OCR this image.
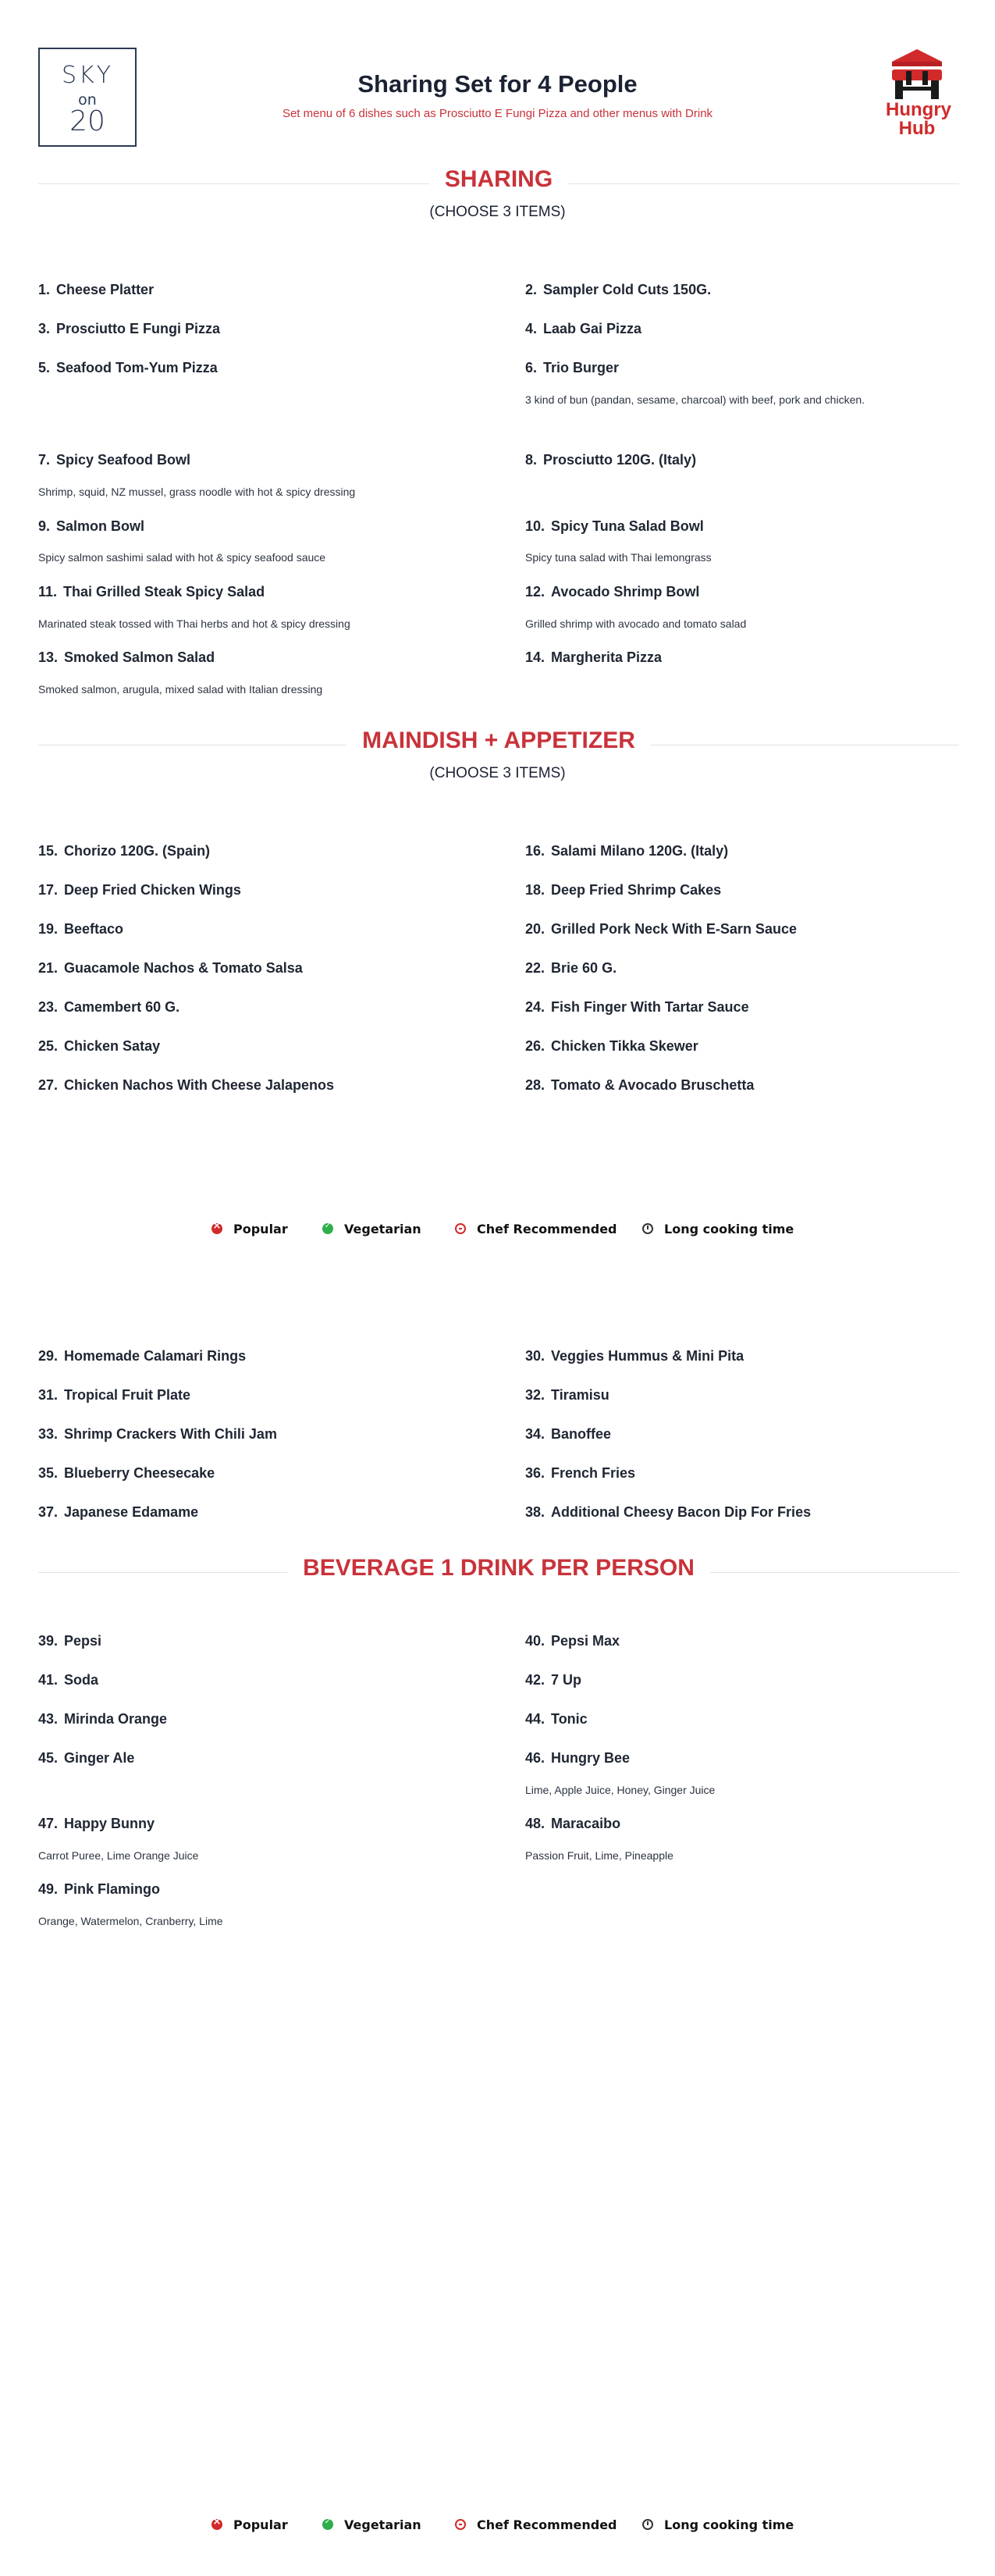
SKY
on
20
Sharing Set for 4 People
Set menu of 6 dishes such as Prosciutto E Fungi Pizza and other menus with Drink	Hungry Hub
SHARING
(CHOOSE 3 ITEMS)
1. Cheese Platter	2. Sampler Cold Cuts 150G.
3. Prosciutto E Fungi Pizza	4. Laab Gai Pizza
5. Seafood Tom-Yum Pizza	6. Trio Burger
3 kind of bun (pandan, sesame, charcoal) with beef, pork and chicken.
7. Spicy Seafood Bowl
Shrimp, squid, NZ mussel, grass noodle with hot & spicy dressing
8. Prosciutto 120G. (Italy)
9. Salmon Bowl
Spicy salmon sashimi salad with hot & spicy seafood sauce
10. Spicy Tuna Salad Bowl
Spicy tuna salad with Thai lemongrass
11. Thai Grilled Steak Spicy Salad
Marinated steak tossed with Thai herbs and hot & spicy dressing
12. Avocado Shrimp Bowl
Grilled shrimp with avocado and tomato salad
13. Smoked Salmon Salad
Smoked salmon, arugula, mixed salad with Italian dressing
14. Margherita Pizza
MAINDISH + APPETIZER
(CHOOSE 3 ITEMS)
15. Chorizo 120G. (Spain)	16. Salami Milano 120G. (Italy)
17. Deep Fried Chicken Wings	18. Deep Fried Shrimp Cakes
19. Beeftaco	20. Grilled Pork Neck With E-Sarn Sauce
21. Guacamole Nachos & Tomato Salsa	22. Brie 60 G.
23. Camembert 60 G.	24. Fish Finger With Tartar Sauce
25. Chicken Satay	26. Chicken Tikka Skewer
27. Chicken Nachos With Cheese Jalapenos	28. Tomato & Avocado Bruschetta
×Popular ✓	Vegetarian	Chef Recommended	Long cooking time
29. Homemade Calamari Rings	30. Veggies Hummus & Mini Pita
31. Tropical Fruit Plate	32. Tiramisu
33. Shrimp Crackers With Chili Jam	34. Banoffee
35. Blueberry Cheesecake	36. French Fries
37. Japanese Edamame	38. Additional Cheesy Bacon Dip For Fries
BEVERAGE 1 DRINK PER PERSON
39. Pepsi	40. Pepsi Max
41. Soda	42. 7 Up
43. Mirinda Orange	44. Tonic
45. Ginger Ale	46. Hungry Bee
Lime, Apple Juice, Honey, Ginger Juice
47. Happy Bunny
Carrot Puree, Lime Orange Juice
48. Maracaibo
Passion Fruit, Lime, Pineapple
49. Pink Flamingo
Orange, Watermelon, Cranberry, Lime
×Popular ✓	Vegetarian	Chef Recommended	Long cooking time
